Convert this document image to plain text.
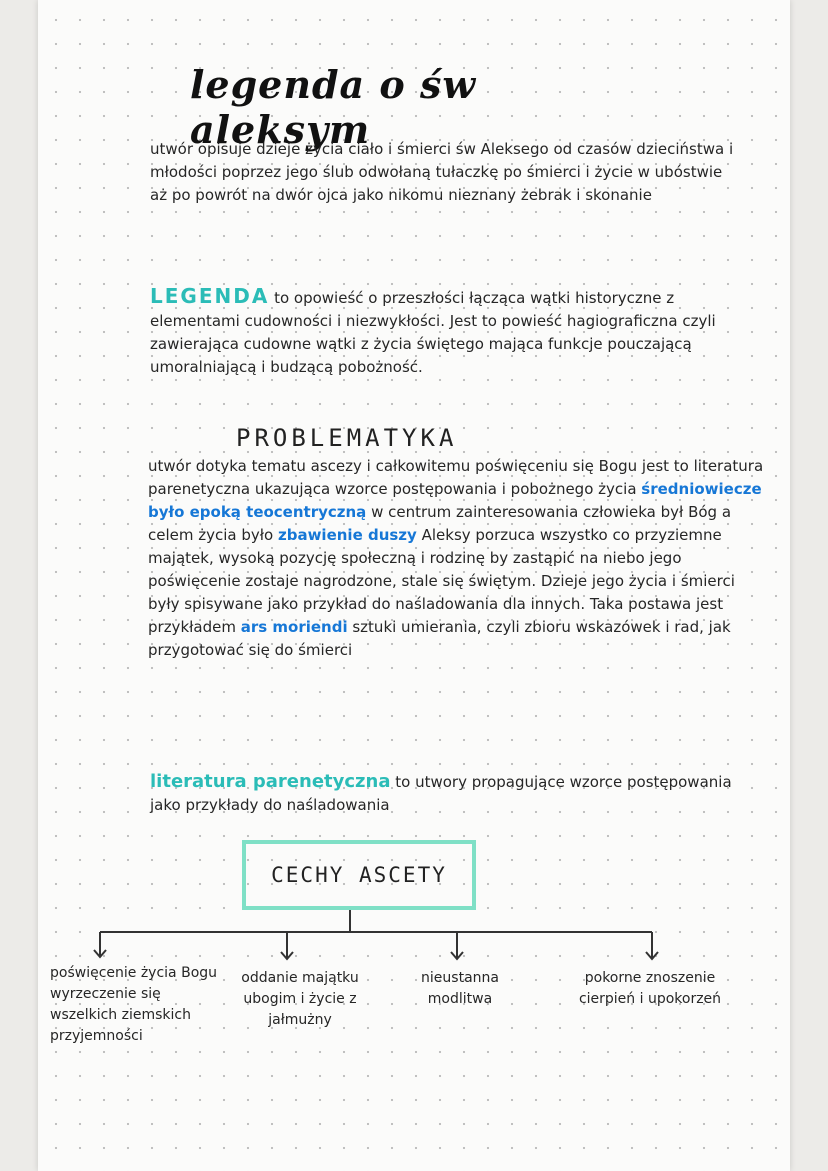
legenda o św aleksym
utwór opisuje dzieje życia ciało i śmierci św Aleksego od czasów dzieciństwa i młodości poprzez jego ślub odwołaną tułaczkę po śmierci i życie w ubóstwie aż po powrót na dwór ojca jako nikomu nieznany żebrak i skonanie
LEGENDA to opowieść o przeszłości łącząca wątki historyczne z elementami cudowności i niezwykłości. Jest to powieść hagiograficzna czyli zawierająca cudowne wątki z życia świętego mająca funkcje pouczającą umoralniającą i budzącą pobożność.
PROBLEMATYKA
utwór dotyka tematu ascezy i całkowitemu poświęceniu się Bogu jest to literatura parenetyczna ukazująca wzorce postępowania i pobożnego życia średniowiecze było epoką teocentryczną w centrum zainteresowania człowieka był Bóg a celem życia było zbawienie duszy Aleksy porzuca wszystko co przyziemne majątek, wysoką pozycję społeczną i rodzinę by zastąpić na niebo jego poświęcenie zostaje nagrodzone, stale się świętym. Dzieje jego życia i śmierci były spisywane jako przykład do naśladowania dla innych. Taka postawa jest przykładem ars moriendi sztuki umierania, czyli zbioru wskazówek i rad, jak przygotować się do śmierci
literatura parenetyczna to utwory propagujące wzorce postępowania jako przykłady do naśladowania
CECHY ASCETY
poświęcenie życia Bogu wyrzeczenie się wszelkich ziemskich przyjemności
oddanie majątku ubogim i życie z jałmużny
nieustanna modlitwa
pokorne znoszenie cierpień i upokorzeń
